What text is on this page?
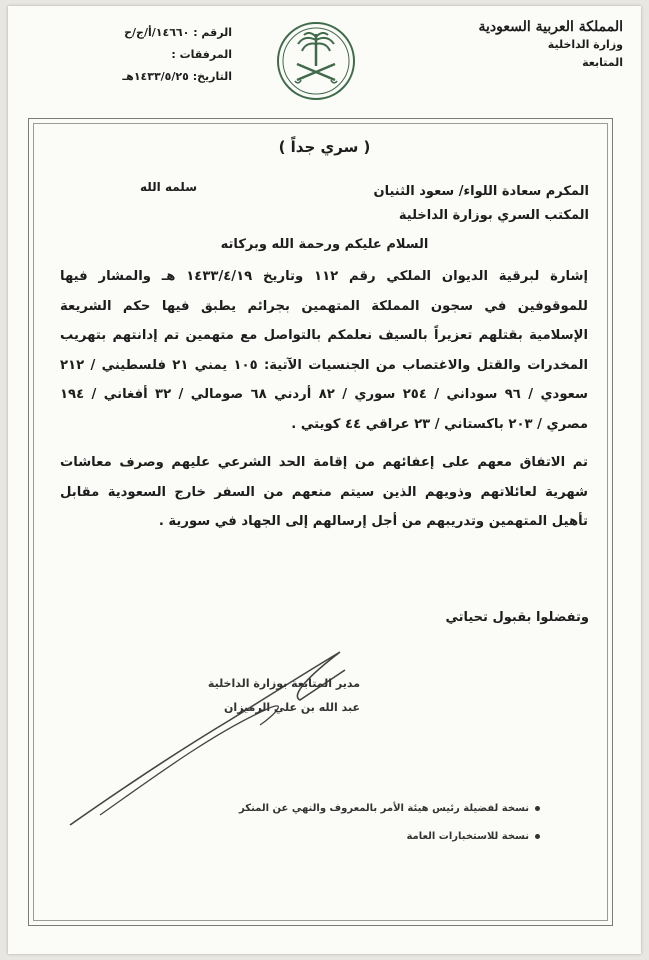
المملكة العربية السعودية
وزارة الداخلية
المتابعة
الرقم : ١٤٦٦٠/أ/ج/ح
المرفقات :
التاريخ: ١٤٣٣/٥/٢٥هـ
( سري جداً )
المكرم سعادة اللواء/ سعود الثنيان
المكتب السري بوزارة الداخلية
سلمه الله
السلام عليكم ورحمة الله وبركاته

إشارة لبرقية الديوان الملكي رقم ١١٢ وتاريخ ١٤٣٣/٤/١٩ هـ والمشار فيها للموقوفين في سجون المملكة المتهمين بجرائم يطبق فيها حكم الشريعة الإسلامية بقتلهم تعزيراً بالسيف نعلمكم بالتواصل مع متهمين تم إدانتهم بتهريب المخدرات والقتل والاغتصاب من الجنسيات الآتية: ١٠٥ يمني ٢١ فلسطيني / ٢١٢ سعودي / ٩٦ سوداني / ٢٥٤ سوري / ٨٢ أردني ٦٨ صومالي / ٣٢ أفغاني / ١٩٤ مصري / ٢٠٣ باكستاني / ٢٣ عراقي ٤٤ كويتي .

تم الاتفاق معهم على إعفائهم من إقامة الحد الشرعي عليهم وصرف معاشات شهرية لعائلاتهم وذويهم الذين سيتم منعهم من السفر خارج السعودية مقابل تأهيل المتهمين وتدريبهم من أجل إرسالهم إلى الجهاد في سورية .

وتفضلوا بقبول تحياتي
مدير المتابعة بوزارة الداخلية
عبد الله بن علي الرميزان
نسخة لفضيلة رئيس هيئة الأمر بالمعروف والنهي عن المنكر
نسخة للاستخبارات العامة
